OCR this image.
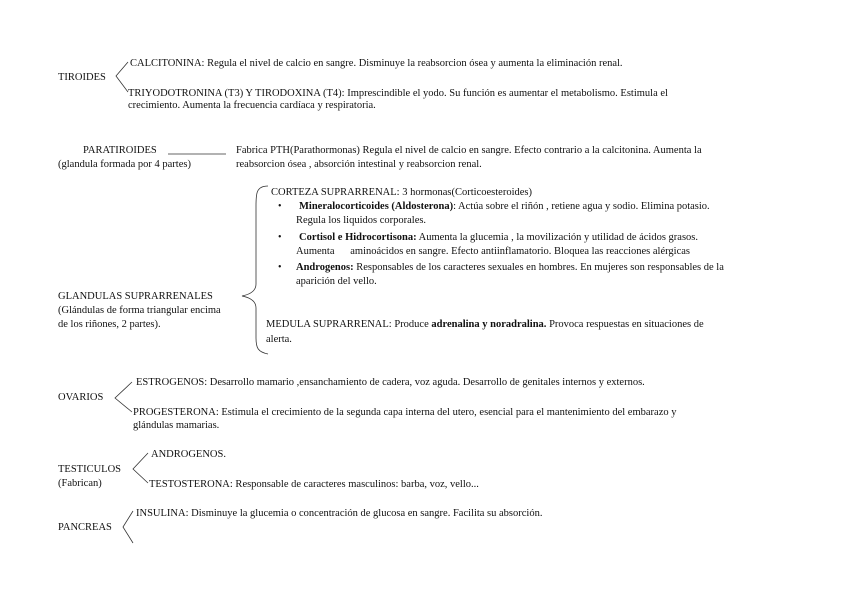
TIROIDES
CALCITONINA: Regula el nivel de calcio en sangre. Disminuye la reabsorcion ósea y aumenta la eliminación renal.
TRIYODOTRONINA (T3) Y TIRODOXINA (T4): Imprescindible el yodo. Su función es aumentar el metabolismo. Estimula el
crecimiento. Aumenta la frecuencia cardíaca y respiratoria.
PARATIROIDES
(glandula formada por 4 partes)
Fabrica PTH(Parathormonas) Regula el nivel de calcio en sangre. Efecto contrario a la calcitonina. Aumenta la
reabsorcion ósea , absorción intestinal y reabsorcion renal.
GLANDULAS SUPRARRENALES
(Glándulas de forma triangular encima
de los riñones, 2 partes).
CORTEZA SUPRARRENAL: 3 hormonas(Corticoesteroides)
• Mineralocorticoides (Aldosterona): Actúa sobre el riñón , retiene agua y sodio. Elimina potasio.
Regula los liquidos corporales.
• Cortisol e Hidrocortisona: Aumenta la glucemia , la movilización y utilidad de ácidos grasos.
Aumenta      aminoácidos en sangre. Efecto antiinflamatorio. Bloquea las reacciones alérgicas
• Androgenos: Responsables de los caracteres sexuales en hombres. En mujeres son responsables de la
aparición del vello.
MEDULA SUPRARRENAL: Produce adrenalina y noradralina. Provoca respuestas en situaciones de
alerta.
OVARIOS
ESTROGENOS: Desarrollo mamario ,ensanchamiento de cadera, voz aguda. Desarrollo de genitales internos y externos.
PROGESTERONA: Estimula el crecimiento de la segunda capa interna del utero, esencial para el mantenimiento del embarazo y
glándulas mamarias.
TESTICULOS
(Fabrican)
ANDROGENOS.
TESTOSTERONA: Responsable de caracteres masculinos: barba, voz, vello...
PANCREAS
INSULINA: Disminuye la glucemia o concentración de glucosa en sangre. Facilita su absorción.
